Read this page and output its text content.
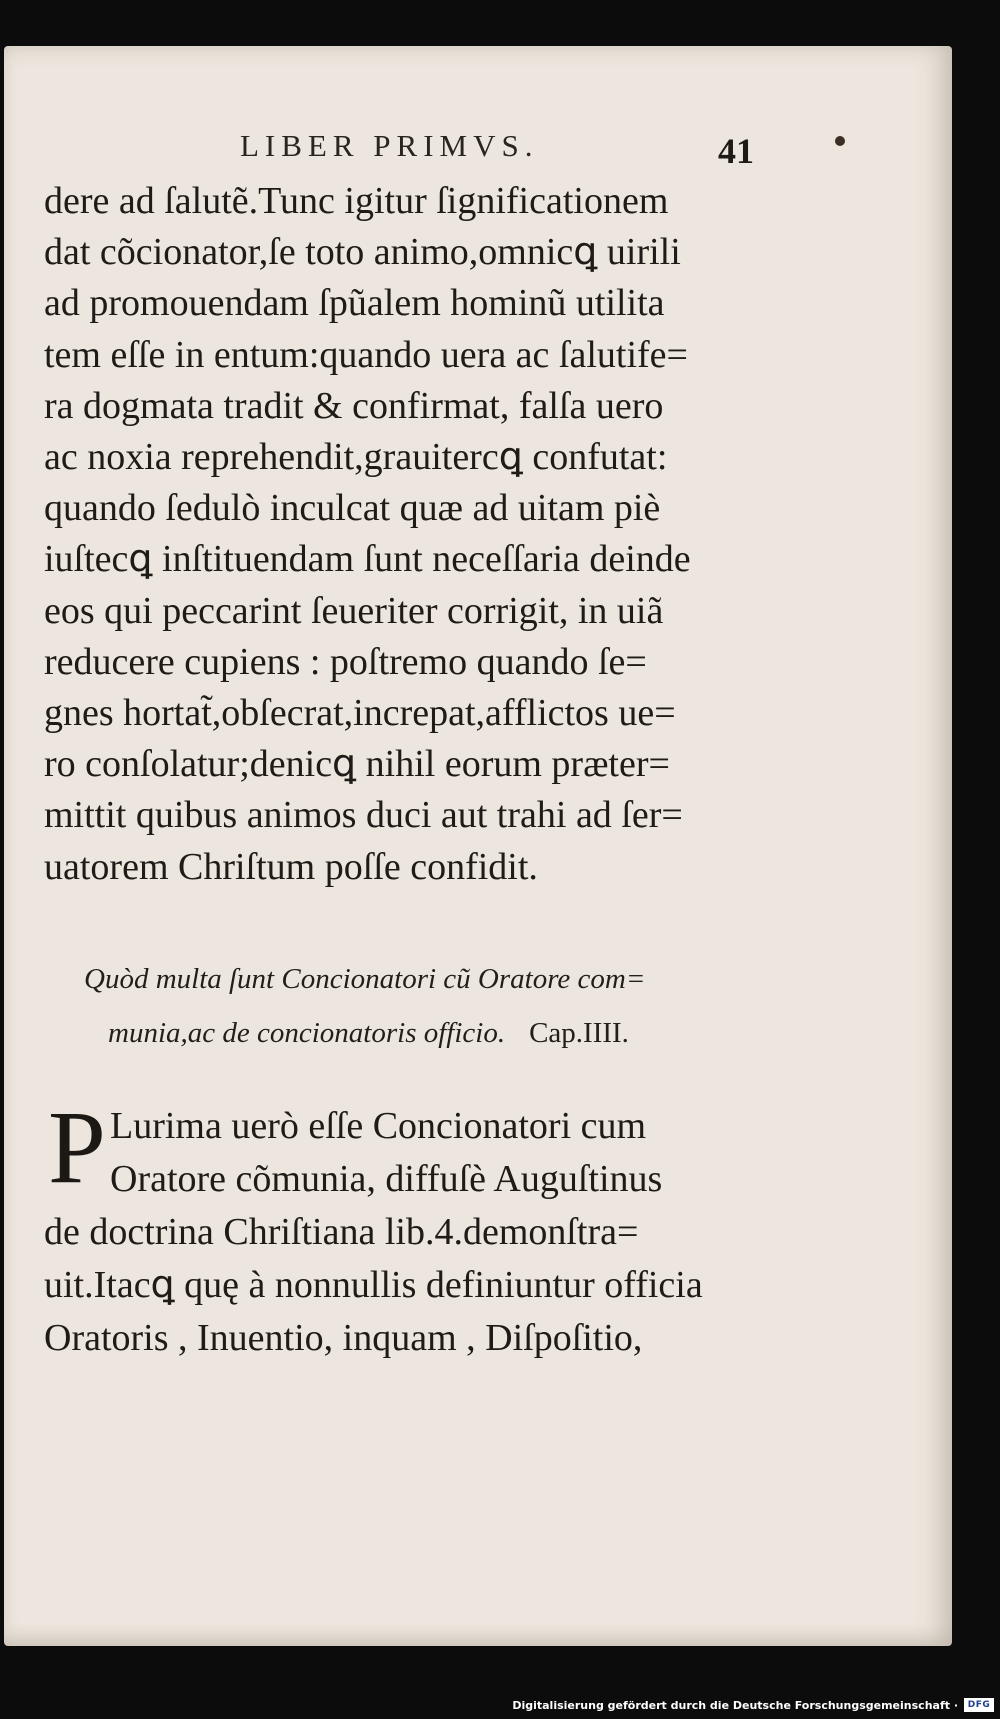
LIBER PRIMVS.	41
dere ad ſalutẽ.Tunc igitur ſignificationem
dat cõcionator,ſe toto animo,omnicꝗ uirili
ad promouendam ſpũalem hominũ utilita
tem eſſe in entum:quando uera ac ſalutife=
ra dogmata tradit & confirmat, falſa uero
ac noxia reprehendit,grauitercꝗ confutat:
quando ſedulò inculcat quæ ad uitam piè
iuſtecꝗ inſtituendam ſunt neceſſaria deinde
eos qui peccarint ſeueriter corrigit, in uiã
reducere cupiens : poſtremo quando ſe=
gnes hortat̃,obſecrat,increpat,afflictos ue=
ro conſolatur;denicꝗ nihil eorum præter=
mittit quibus animos duci aut trahi ad ſer=
uatorem Chriſtum poſſe confidit.
Quòd multa ſunt Concionatori cũ Oratore com=
munia,ac de concionatoris officio. Cap.IIII.
P Lurima uerò eſſe Concionatori cum
Oratore cõmunia, diffuſè Auguſtinus
de doctrina Chriſtiana lib.4.demonſtra=
uit.Itacꝗ quę à nonnullis definiuntur officia
Oratoris , Inuentio, inquam , Diſpoſitio,
Digitalisierung gefördert durch die Deutsche Forschungsgemeinschaft ·	DFG
